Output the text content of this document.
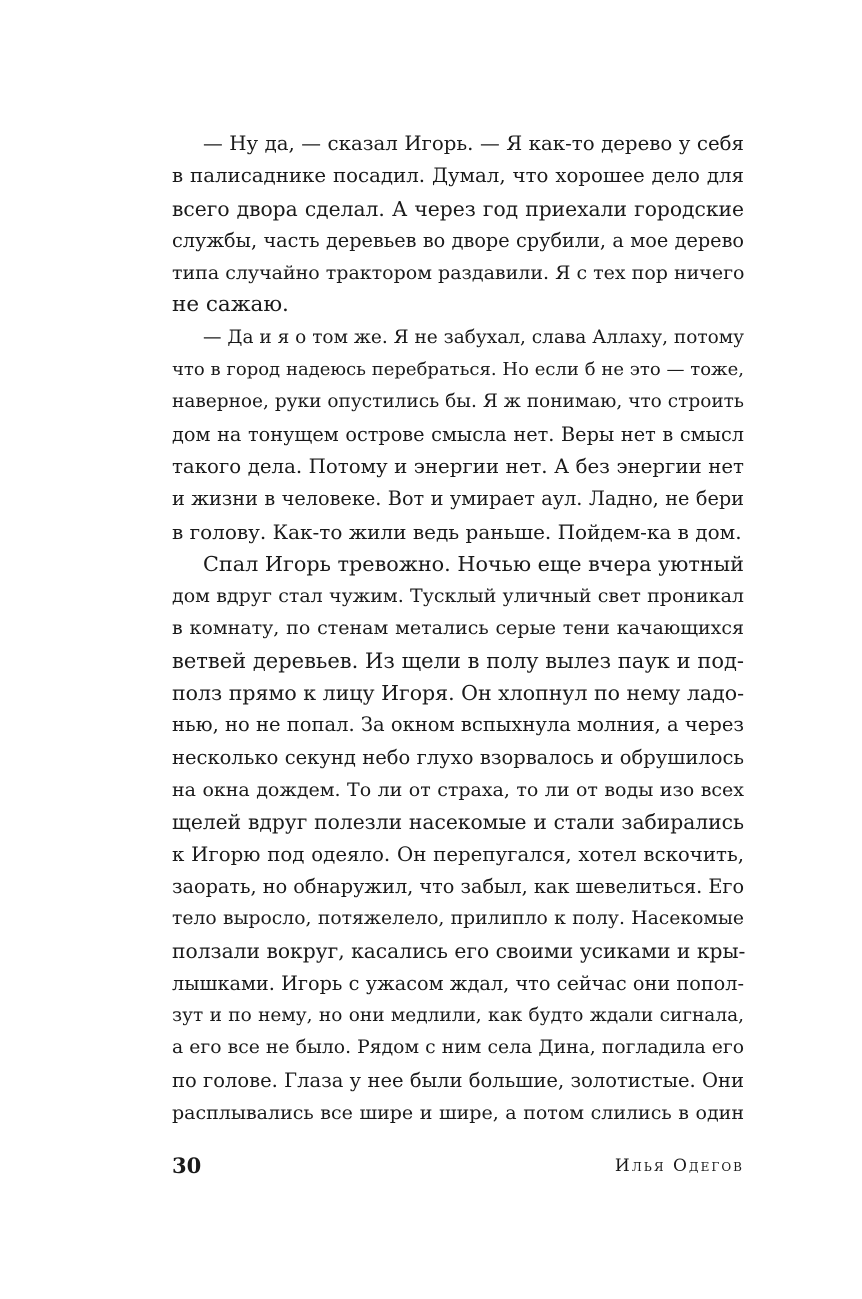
— Ну да, — сказал Игорь. — Я как-то дерево у себя
в палисаднике посадил. Думал, что хорошее дело для
всего двора сделал. А через год приехали городские
службы, часть деревьев во дворе срубили, а мое дерево
типа случайно трактором раздавили. Я с тех пор ничего
не сажаю.
— Да и я о том же. Я не забухал, слава Аллаху, потому
что в город надеюсь перебраться. Но если б не это — тоже,
наверное, руки опустились бы. Я ж понимаю, что строить
дом на тонущем острове смысла нет. Веры нет в смысл
такого дела. Потому и энергии нет. А без энергии нет
и жизни в человеке. Вот и умирает аул. Ладно, не бери
в голову. Как-то жили ведь раньше. Пойдем-ка в дом.
Спал Игорь тревожно. Ночью еще вчера уютный
дом вдруг стал чужим. Тусклый уличный свет проникал
в комнату, по стенам метались серые тени качающихся
ветвей деревьев. Из щели в полу вылез паук и под-
полз прямо к лицу Игоря. Он хлопнул по нему ладо-
нью, но не попал. За окном вспыхнула молния, а через
несколько секунд небо глухо взорвалось и обрушилось
на окна дождем. То ли от страха, то ли от воды изо всех
щелей вдруг полезли насекомые и стали забирались
к Игорю под одеяло. Он перепугался, хотел вскочить,
заорать, но обнаружил, что забыл, как шевелиться. Его
тело выросло, потяжелело, прилипло к полу. Насекомые
ползали вокруг, касались его своими усиками и кры-
лышками. Игорь с ужасом ждал, что сейчас они попол-
зут и по нему, но они медлили, как будто ждали сигнала,
а его все не было. Рядом с ним села Дина, погладила его
по голове. Глаза у нее были большие, золотистые. Они
расплывались все шире и шире, а потом слились в один
30	Илья Одегов
